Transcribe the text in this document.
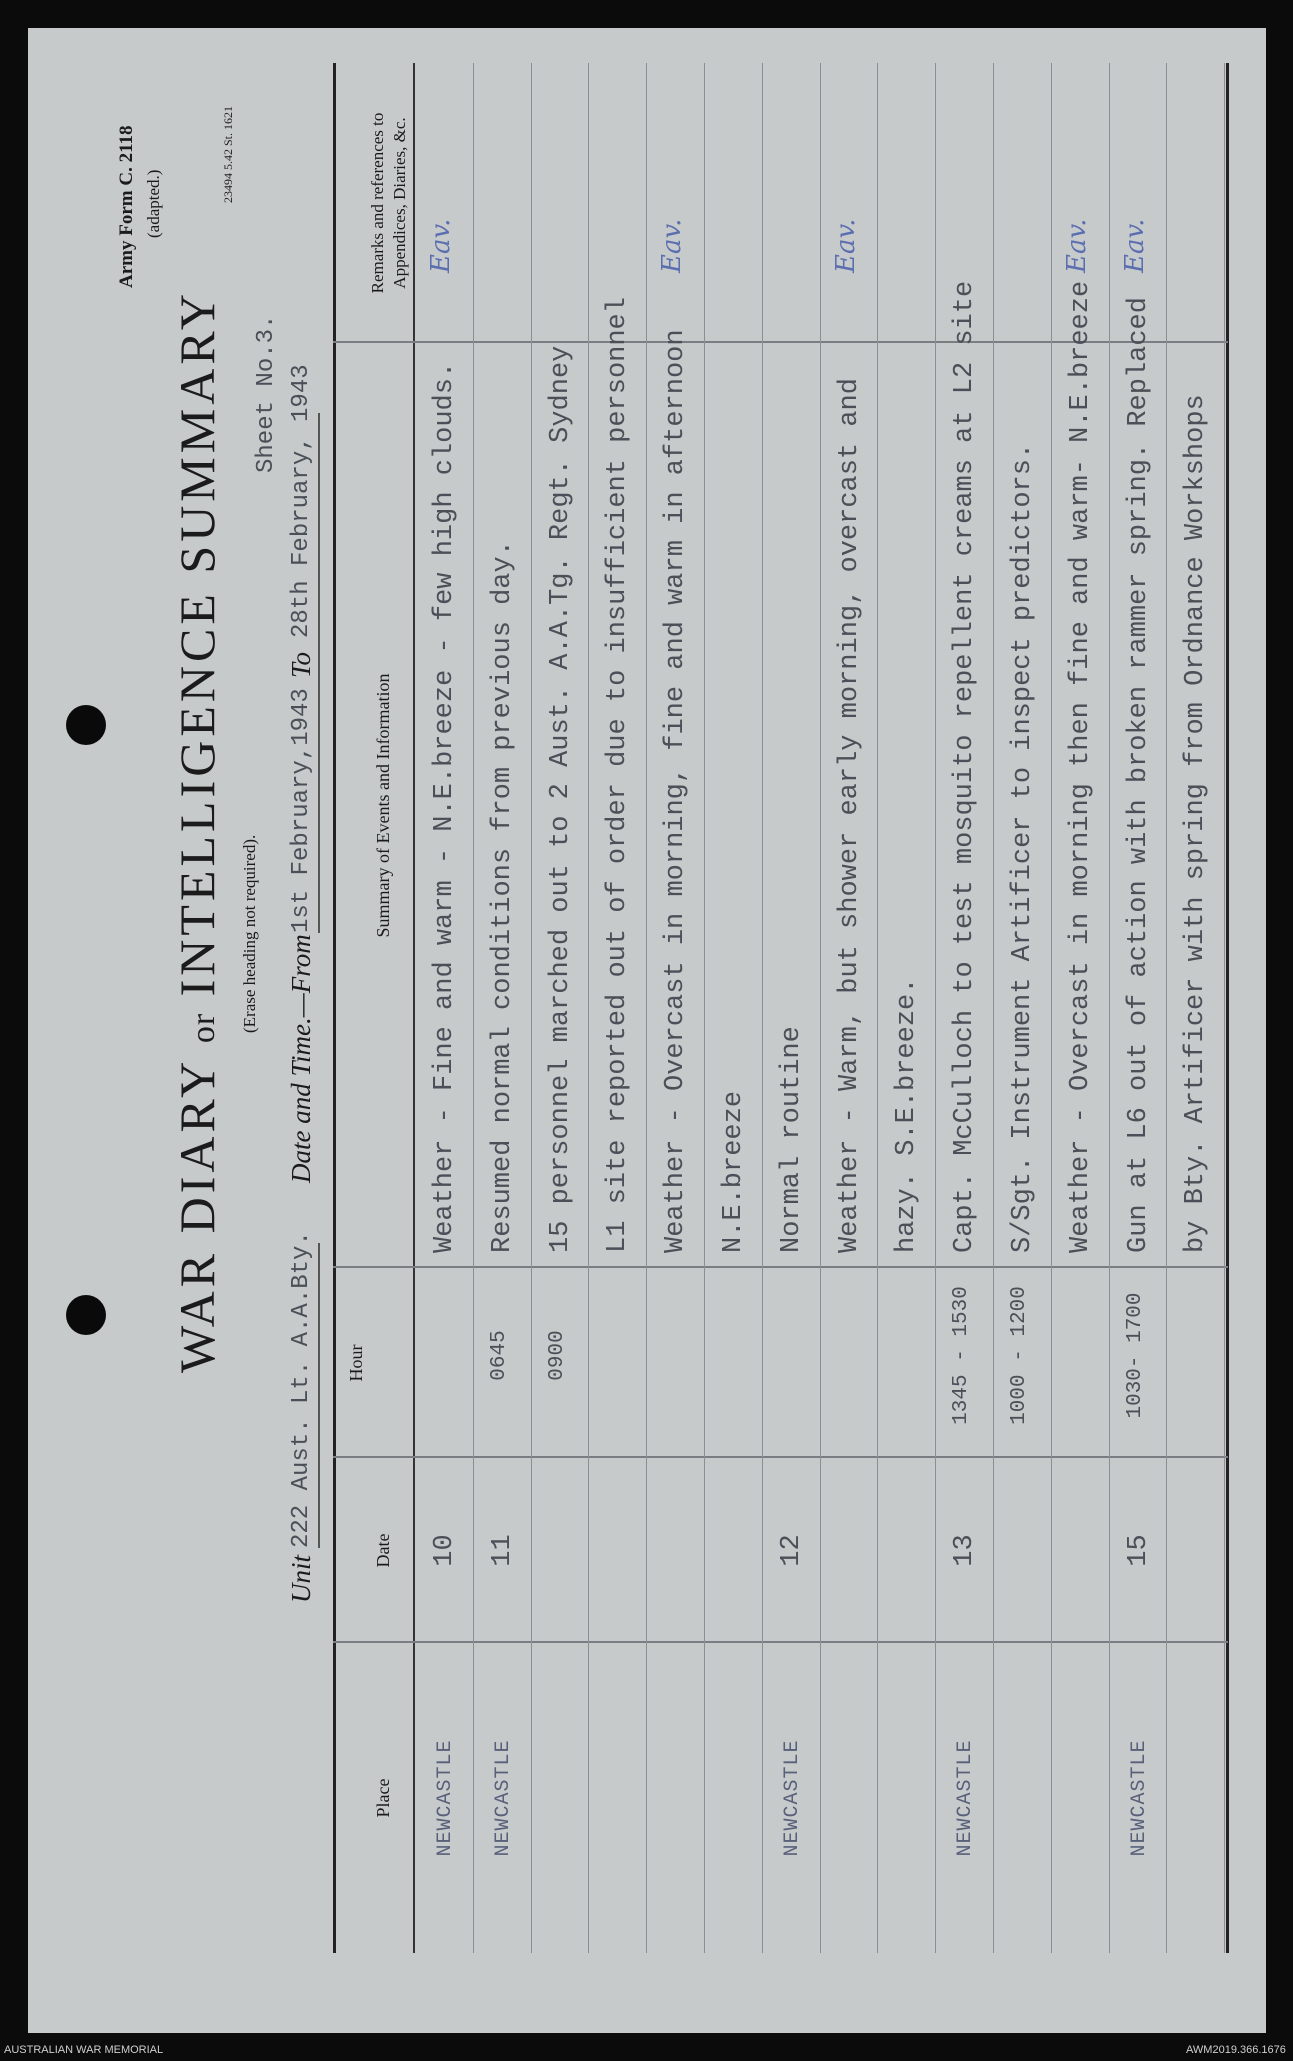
Army Form C. 2118 (adapted.)
23494 5.42 St. 1621
WAR DIARY or INTELLIGENCE SUMMARY (Erase heading not required).
Sheet No.3.
Unit
222 Aust. Lt. A.A.Bty.
Date and Time.—From
1st February,1943
To
28th February, 1943
Place
Date
Hour
Summary of Events and Information
Remarks and references to Appendices, Diaries, &c.
NEWCASTLE
10
Weather - Fine and warm - N.E.breeze - few high clouds.
Eav.
NEWCASTLE
11
0645
Resumed normal conditions from previous day.
0900
15 personnel marched out to 2 Aust. A.A.Tg. Regt. Sydney L1 site reported out of order due to insufficient personnel Weather - Overcast in morning, fine and warm in afternoon
Eav.
N.E.breeze
NEWCASTLE
12
Normal routine Weather - Warm, but shower early morning, overcast and
Eav.
hazy. S.E.breeze.
NEWCASTLE
13
1345 - 1530
Capt. McCulloch to test mosquito repellent creams at L2 site
1000 - 1200
S/Sgt. Instrument Artificer to inspect predictors. Weather - Overcast in morning then fine and warm- N.E.breeze
Eav.
NEWCASTLE
15
1030- 1700
Gun at L6 out of action with broken rammer spring. Replaced
Eav.
by Bty. Artificer with spring from Ordnance Workshops
AUSTRALIAN WAR MEMORIAL	AWM2019.366.1676
